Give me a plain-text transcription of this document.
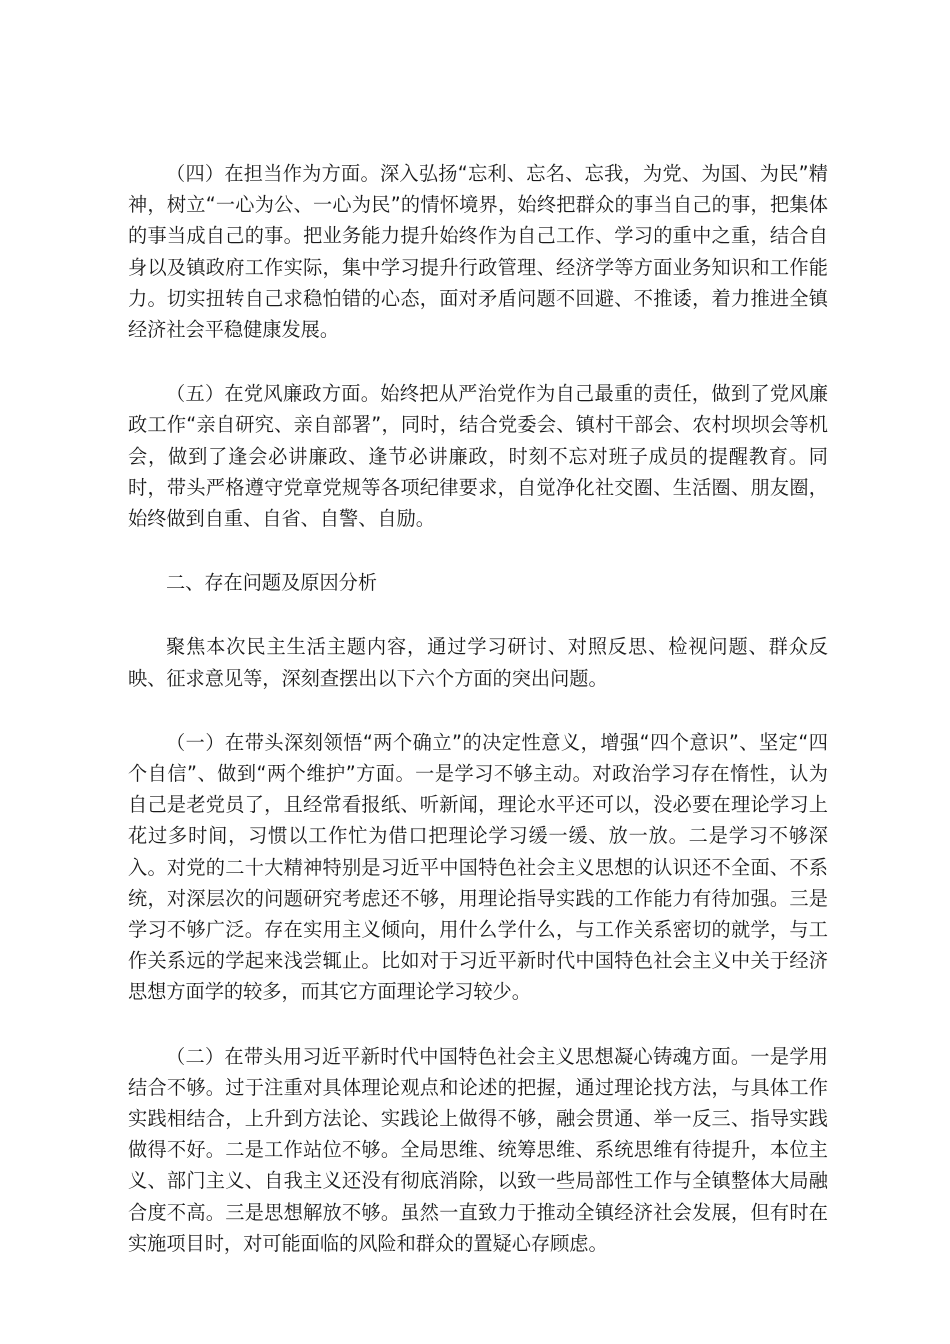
（四）在担当作为方面。深入弘扬“忘利、忘名、忘我，为党、为国、为民”精神，树立“一心为公、一心为民”的情怀境界，始终把群众的事当自己的事，把集体的事当成自己的事。把业务能力提升始终作为自己工作、学习的重中之重，结合自身以及镇政府工作实际，集中学习提升行政管理、经济学等方面业务知识和工作能力。切实扭转自己求稳怕错的心态，面对矛盾问题不回避、不推诿，着力推进全镇经济社会平稳健康发展。

（五）在党风廉政方面。始终把从严治党作为自己最重的责任，做到了党风廉政工作“亲自研究、亲自部署”，同时，结合党委会、镇村干部会、农村坝坝会等机会，做到了逢会必讲廉政、逢节必讲廉政，时刻不忘对班子成员的提醒教育。同时，带头严格遵守党章党规等各项纪律要求，自觉净化社交圈、生活圈、朋友圈，始终做到自重、自省、自警、自励。

二、存在问题及原因分析

聚焦本次民主生活主题内容，通过学习研讨、对照反思、检视问题、群众反映、征求意见等，深刻查摆出以下六个方面的突出问题。

（一）在带头深刻领悟“两个确立”的决定性意义，增强“四个意识”、坚定“四个自信”、做到“两个维护”方面。一是学习不够主动。对政治学习存在惰性，认为自己是老党员了，且经常看报纸、听新闻，理论水平还可以，没必要在理论学习上花过多时间，习惯以工作忙为借口把理论学习缓一缓、放一放。二是学习不够深入。对党的二十大精神特别是习近平中国特色社会主义思想的认识还不全面、不系统，对深层次的问题研究考虑还不够，用理论指导实践的工作能力有待加强。三是学习不够广泛。存在实用主义倾向，用什么学什么，与工作关系密切的就学，与工作关系远的学起来浅尝辄止。比如对于习近平新时代中国特色社会主义中关于经济思想方面学的较多，而其它方面理论学习较少。

（二）在带头用习近平新时代中国特色社会主义思想凝心铸魂方面。一是学用结合不够。过于注重对具体理论观点和论述的把握，通过理论找方法，与具体工作实践相结合，上升到方法论、实践论上做得不够，融会贯通、举一反三、指导实践做得不好。二是工作站位不够。全局思维、统筹思维、系统思维有待提升，本位主义、部门主义、自我主义还没有彻底消除，以致一些局部性工作与全镇整体大局融合度不高。三是思想解放不够。虽然一直致力于推动全镇经济社会发展，但有时在实施项目时，对可能面临的风险和群众的置疑心存顾虑。
